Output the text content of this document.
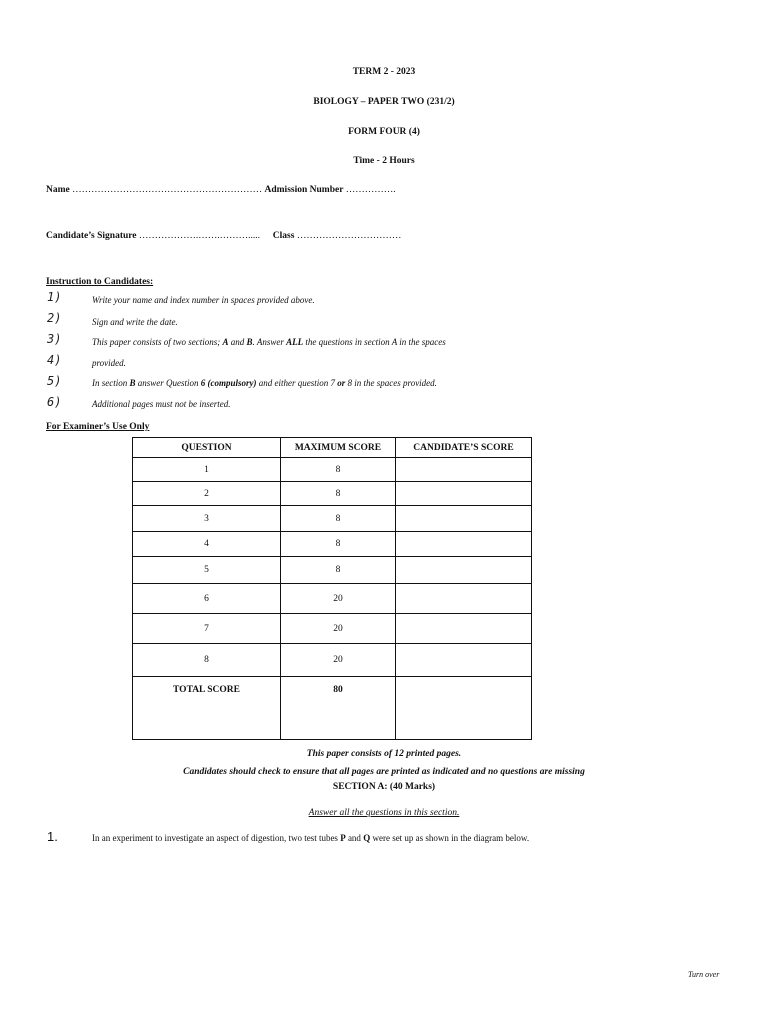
TERM 2 - 2023
BIOLOGY – PAPER TWO (231/2)
FORM FOUR (4)
Time - 2 Hours
Name …………………………………………………… Admission Number …………….
Candidate’s Signature ……………….…….………..... Class ……………………………
Instruction to Candidates:
1)	Write your name and index number in spaces provided above.
2)	Sign and write the date.
3)	This paper consists of two sections; A and B. Answer ALL the questions in section A in the spaces
4)	provided.
5)	In section B answer Question 6 (compulsory) and either question 7 or 8 in the spaces provided.
6)	Additional pages must not be inserted.
For Examiner’s Use Only
QUESTION	MAXIMUM SCORE	CANDIDATE’S SCORE
1	8	
2	8	
3	8	
4	8	
5	8	
6	20	
7	20	
8	20	
TOTAL SCORE	80	
This paper consists of 12 printed pages.
Candidates should check to ensure that all pages are printed as indicated and no questions are missing
SECTION A: (40 Marks)
Answer all the questions in this section.
1.	In an experiment to investigate an aspect of digestion, two test tubes P and Q were set up as shown in the diagram below.
Turn over
